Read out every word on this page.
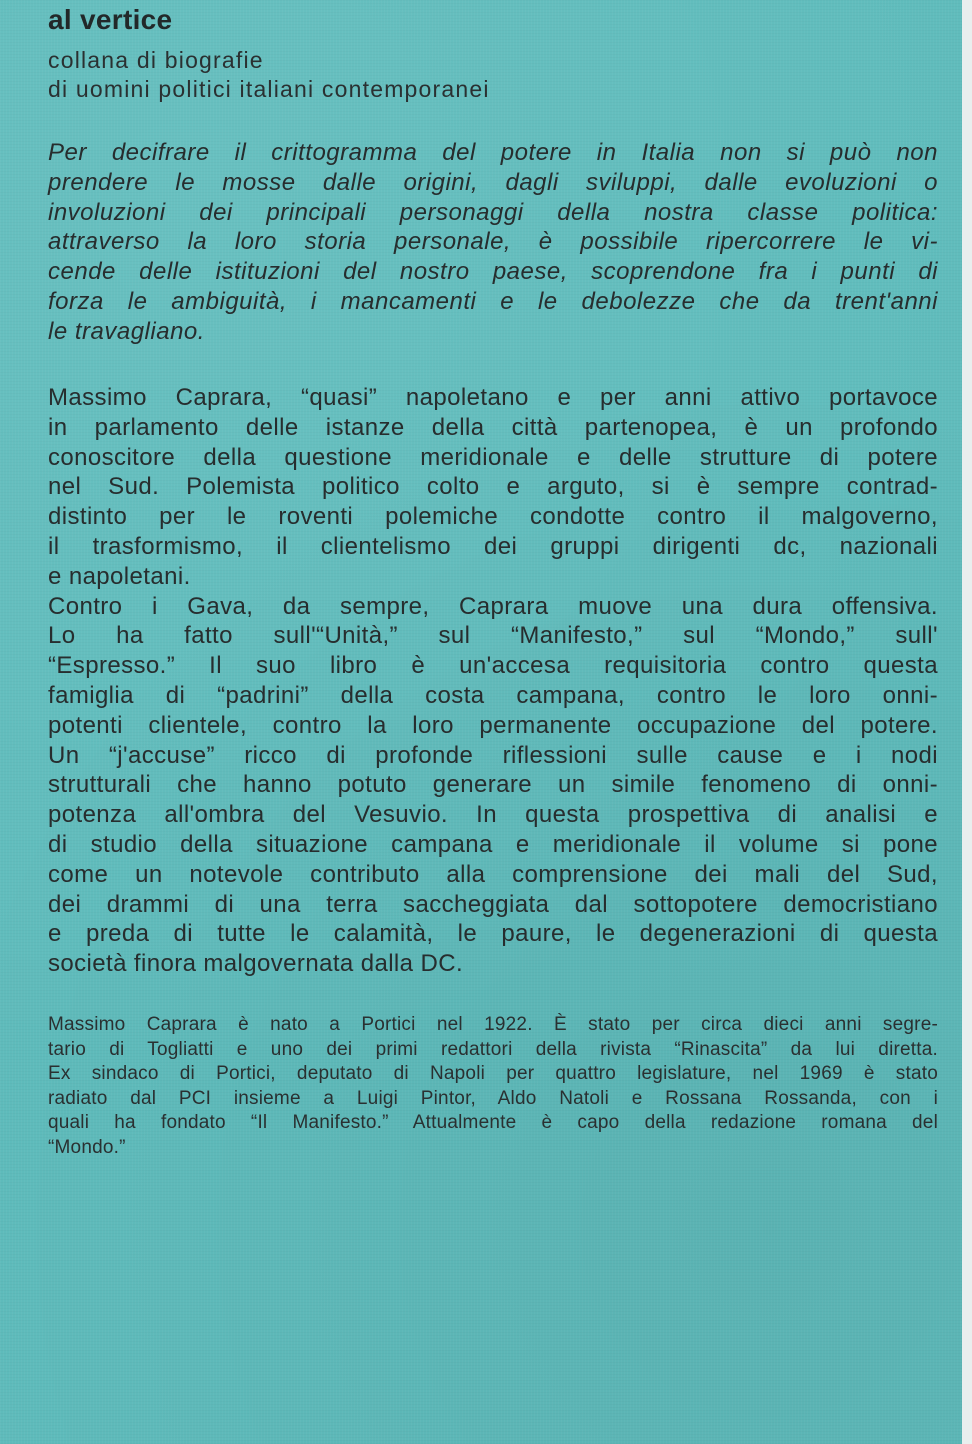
al vertice
collana di biografie
di uomini politici italiani contemporanei

Per decifrare il crittogramma del potere in Italia non si può non
prendere le mosse dalle origini, dagli sviluppi, dalle evoluzioni o
involuzioni dei principali personaggi della nostra classe politica:
attraverso la loro storia personale, è possibile ripercorrere le vi-
cende delle istituzioni del nostro paese, scoprendone fra i punti di
forza le ambiguità, i mancamenti e le debolezze che da trent'anni
le travagliano.

Massimo Caprara, “quasi” napoletano e per anni attivo portavoce
in parlamento delle istanze della città partenopea, è un profondo
conoscitore della questione meridionale e delle strutture di potere
nel Sud. Polemista politico colto e arguto, si è sempre contrad-
distinto per le roventi polemiche condotte contro il malgoverno,
il trasformismo, il clientelismo dei gruppi dirigenti dc, nazionali
e napoletani.
Contro i Gava, da sempre, Caprara muove una dura offensiva.
Lo ha fatto sull'“Unità,” sul “Manifesto,” sul “Mondo,” sull'
“Espresso.” Il suo libro è un'accesa requisitoria contro questa
famiglia di “padrini” della costa campana, contro le loro onni-
potenti clientele, contro la loro permanente occupazione del potere.
Un “j'accuse” ricco di profonde riflessioni sulle cause e i nodi
strutturali che hanno potuto generare un simile fenomeno di onni-
potenza all'ombra del Vesuvio. In questa prospettiva di analisi e
di studio della situazione campana e meridionale il volume si pone
come un notevole contributo alla comprensione dei mali del Sud,
dei drammi di una terra saccheggiata dal sottopotere democristiano
e preda di tutte le calamità, le paure, le degenerazioni di questa
società finora malgovernata dalla DC.

Massimo Caprara è nato a Portici nel 1922. È stato per circa dieci anni segre-
tario di Togliatti e uno dei primi redattori della rivista “Rinascita” da lui diretta.
Ex sindaco di Portici, deputato di Napoli per quattro legislature, nel 1969 è stato
radiato dal PCI insieme a Luigi Pintor, Aldo Natoli e Rossana Rossanda, con i
quali ha fondato “Il Manifesto.” Attualmente è capo della redazione romana del
“Mondo.”
